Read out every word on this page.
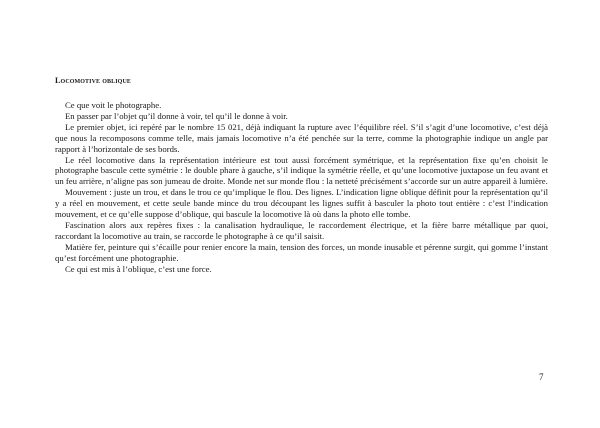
Locomotive oblique

Ce que voit le photographe.

En passer par l’objet qu’il donne à voir, tel qu’il le donne à voir.

Le premier objet, ici repéré par le nombre 15 021, déjà indiquant la rupture avec l’équilibre réel. S’il s’agit d’une locomotive, c’est déjà que nous la recomposons comme telle, mais jamais locomotive n’a été penchée sur la terre, comme la photographie indique un angle par rapport à l’horizontale de ses bords.

Le réel locomotive dans la représentation intérieure est tout aussi forcément symétrique, et la représentation fixe qu’en choisit le photographe bascule cette symétrie : le double phare à gauche, s’il indique la symétrie réelle, et qu’une locomotive juxtapose un feu avant et un feu arrière, n’aligne pas son jumeau de droite. Monde net sur monde flou : la netteté précisément s’accorde sur un autre appareil à lumière.

Mouvement : juste un trou, et dans le trou ce qu’implique le flou. Des lignes. L’indication ligne oblique définit pour la représentation qu’il y a réel en mouvement, et cette seule bande mince du trou découpant les lignes suffit à basculer la photo tout entière : c’est l’indication mouvement, et ce qu’elle suppose d’oblique, qui bascule la locomotive là où dans la photo elle tombe.

Fascination alors aux repères fixes : la canalisation hydraulique, le raccordement électrique, et la fière barre métallique par quoi, raccordant la locomotive au train, se raccorde le photographe à ce qu’il saisit.

Matière fer, peinture qui s’écaille pour renier encore la main, tension des forces, un monde inusable et pérenne surgit, qui gomme l’instant qu’est forcément une photographie.

Ce qui est mis à l’oblique, c’est une force.

7
